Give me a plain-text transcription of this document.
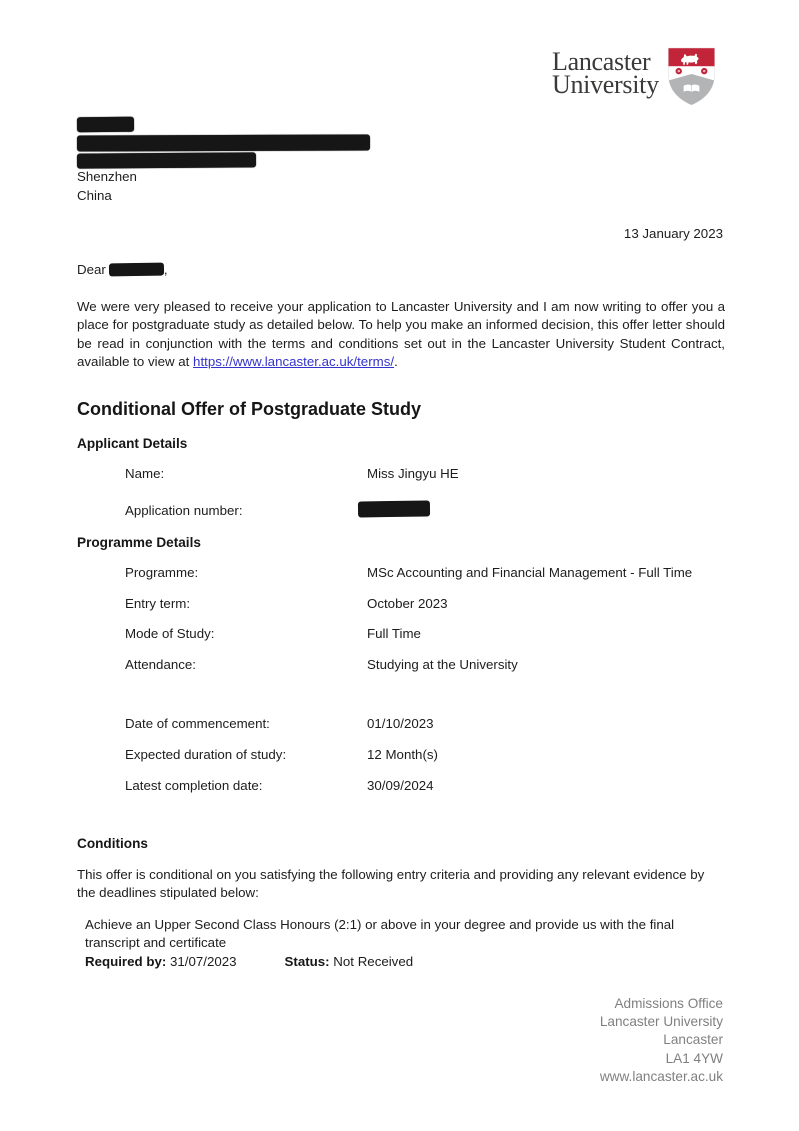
Lancaster
University
Shenzhen
China
13 January 2023
Dear	,
We were very pleased to receive your application to Lancaster University and I am now writing to offer you a place for postgraduate study as detailed below. To help you make an informed decision, this offer letter should be read in conjunction with the terms and conditions set out in the Lancaster University Student Contract, available to view at https://www.lancaster.ac.uk/terms/.
Conditional Offer of Postgraduate Study
Applicant Details
Name:	Miss Jingyu HE
Application number:
Programme Details
Programme:	MSc Accounting and Financial Management - Full Time
Entry term:	October 2023
Mode of Study:	Full Time
Attendance:	Studying at the University
Date of commencement:	01/10/2023
Expected duration of study:	12 Month(s)
Latest completion date:	30/09/2024
Conditions
This offer is conditional on you satisfying the following entry criteria and providing any relevant evidence by the deadlines stipulated below:
Achieve an Upper Second Class Honours (2:1) or above in your degree and provide us with the final transcript and certificate
Required by: 31/07/2023	Status: Not Received
Admissions Office
Lancaster University
Lancaster
LA1 4YW
www.lancaster.ac.uk
